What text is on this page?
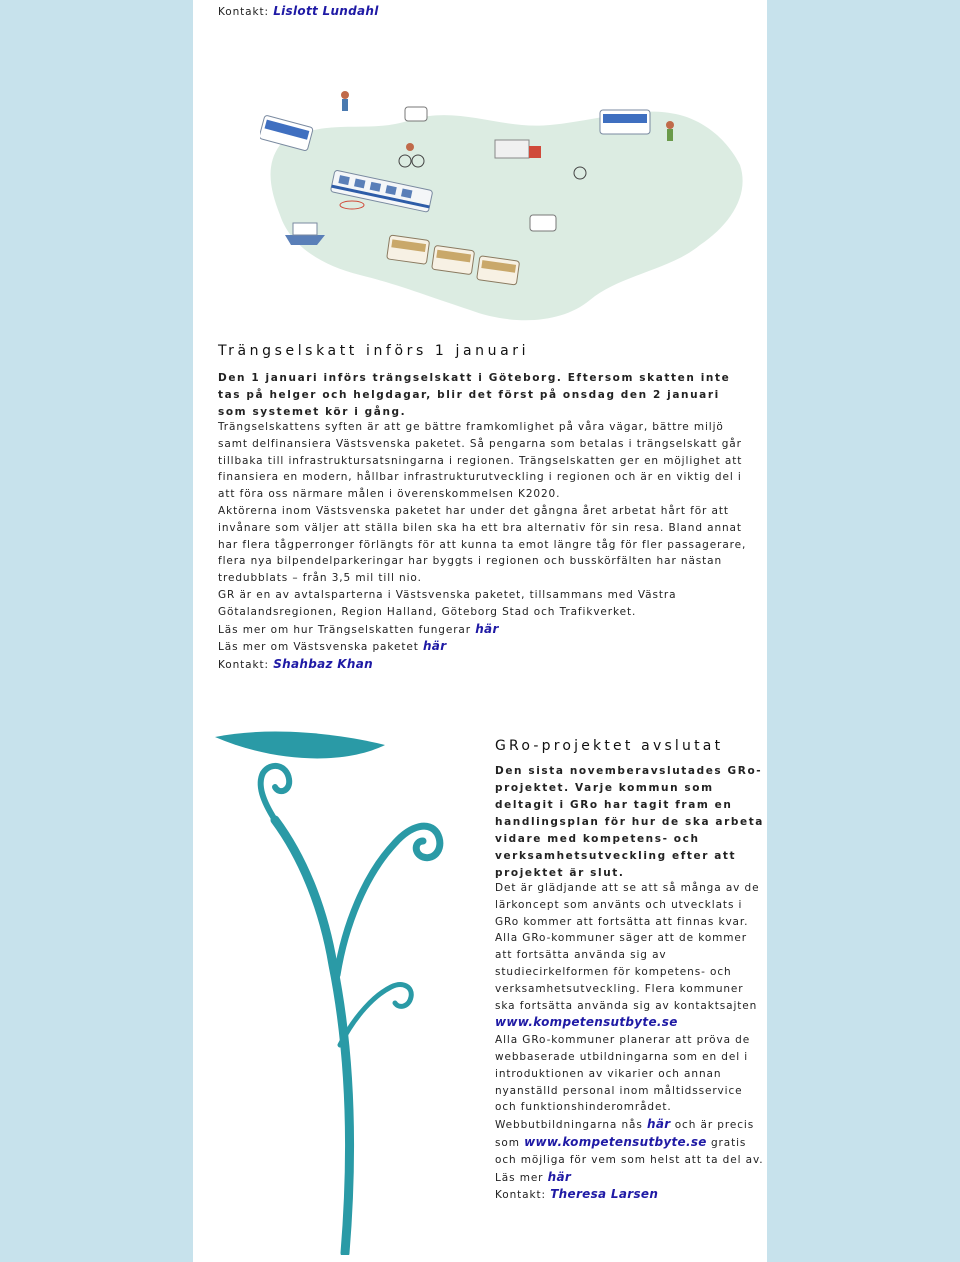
Kontakt: Lislott Lundahl
Trängselskatt införs 1 januari
Den 1 januari införs trängselskatt i Göteborg. Eftersom skatten inte tas på helger och helgdagar, blir det först på onsdag den 2 januari som systemet kör i gång.

Trängselskattens syften är att ge bättre framkomlighet på våra vägar, bättre miljö samt delfinansiera Västsvenska paketet. Så pengarna som betalas i trängselskatt går tillbaka till infrastruktursatsningarna i regionen. Trängselskatten ger en möjlighet att finansiera en modern, hållbar infrastrukturutveckling i regionen och är en viktig del i att föra oss närmare målen i överenskommelsen K2020.

Aktörerna inom Västsvenska paketet har under det gångna året arbetat hårt för att invånare som väljer att ställa bilen ska ha ett bra alternativ för sin resa. Bland annat har flera tågperronger förlängts för att kunna ta emot längre tåg för fler passagerare, flera nya bilpendelparkeringar har byggts i regionen och busskörfälten har nästan tredubblats – från 3,5 mil till nio.

GR är en av avtalsparterna i Västsvenska paketet, tillsammans med Västra Götalandsregionen, Region Halland, Göteborg Stad och Trafikverket.

Läs mer om hur Trängselskatten fungerar här

Läs mer om Västsvenska paketet här

Kontakt: Shahbaz Khan

GRo-projektet avslutat
Den sista novemberavslutades GRo-projektet. Varje kommun som deltagit i GRo har tagit fram en handlingsplan för hur de ska arbeta vidare med kompetens- och verksamhetsutveckling efter att projektet är slut.

Det är glädjande att se att så många av de lärkoncept som använts och utvecklats i GRo kommer att fortsätta att finnas kvar.

Alla GRo-kommuner säger att de kommer att fortsätta använda sig av studiecirkelformen för kompetens- och verksamhetsutveckling. Flera kommuner ska fortsätta använda sig av kontaktsajten www.kompetensutbyte.se

Alla GRo-kommuner planerar att pröva de webbaserade utbildningarna som en del i introduktionen av vikarier och annan nyanställd personal inom måltidsservice och funktionshinderområdet.

Webbutbildningarna nås här och är precis som www.kompetensutbyte.se gratis och möjliga för vem som helst att ta del av. Läs mer här

Kontakt: Theresa Larsen
